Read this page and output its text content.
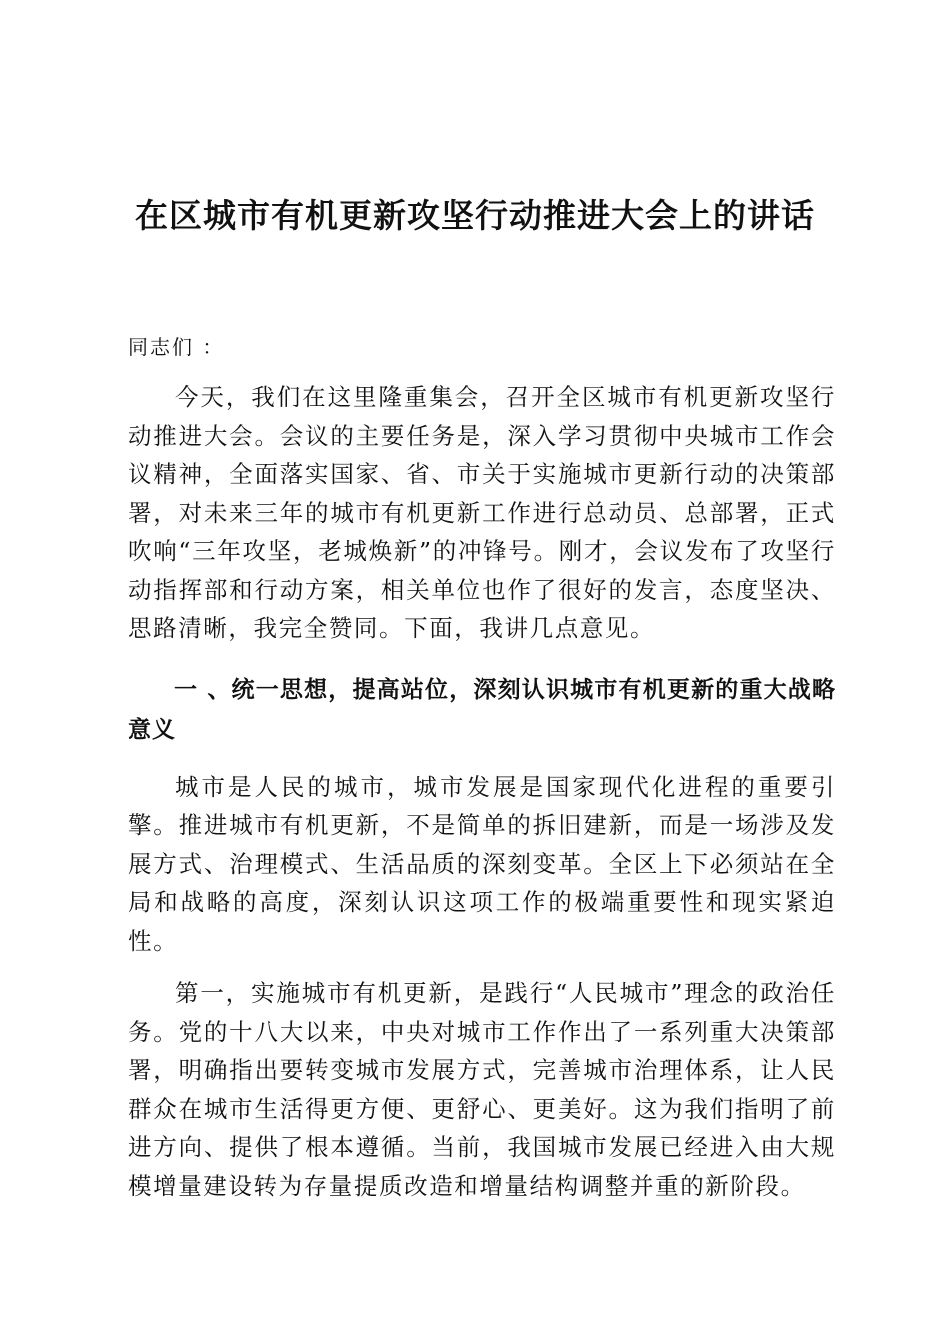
在区城市有机更新攻坚行动推进大会上的讲话

同志们 ：

今天，我们在这里隆重集会，召开全区城市有机更新攻坚行动推进大会。会议的主要任务是，深入学习贯彻中央城市工作会议精神，全面落实国家、省、市关于实施城市更新行动的决策部署，对未来三年的城市有机更新工作进行总动员、总部署，正式吹响“三年攻坚，老城焕新”的冲锋号。刚才，会议发布了攻坚行动指挥部和行动方案，相关单位也作了很好的发言，态度坚决、思路清晰，我完全赞同。下面，我讲几点意见。

一 、统一思想，提高站位，深刻认识城市有机更新的重大战略意义

城市是人民的城市，城市发展是国家现代化进程的重要引擎。推进城市有机更新，不是简单的拆旧建新，而是一场涉及发展方式、治理模式、生活品质的深刻变革。全区上下必须站在全局和战略的高度，深刻认识这项工作的极端重要性和现实紧迫性。

第一，实施城市有机更新，是践行“人民城市”理念的政治任务。党的十八大以来，中央对城市工作作出了一系列重大决策部署，明确指出要转变城市发展方式，完善城市治理体系，让人民群众在城市生活得更方便、更舒心、更美好。这为我们指明了前进方向、提供了根本遵循。当前，我国城市发展已经进入由大规模增量建设转为存量提质改造和增量结构调整并重的新阶段。
